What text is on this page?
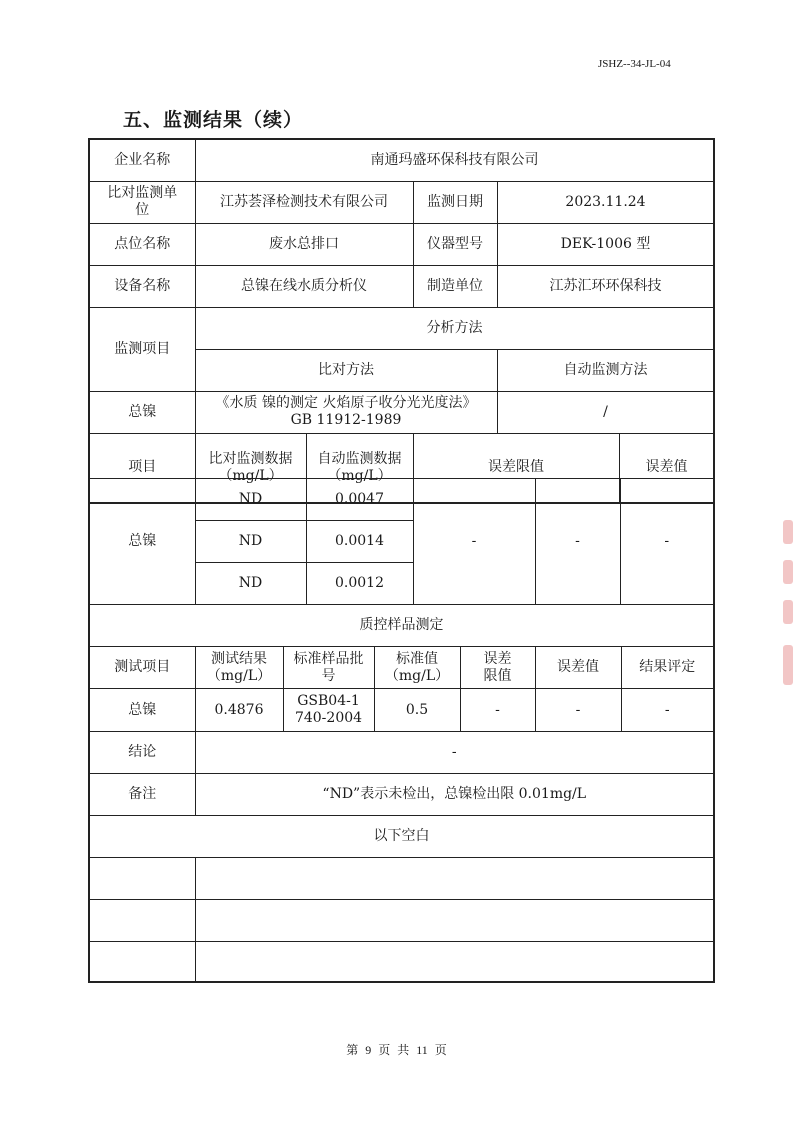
JSHZ--34-JL-04
五、监测结果（续）
企业名称	南通玛盛环保科技有限公司					
比对监测单位	江苏荟泽检测技术有限公司		监测日期	2023.11.24		
点位名称	废水总排口		仪器型号	DEK-1006 型		
设备名称	总镍在线水质分析仪		制造单位	江苏汇环环保科技		
监测项目	分析方法					
	比对方法			自动监测方法		
总镍	《水质 镍的测定 火焰原子收分光光度法》GB 11912-1989			/		
项目	比对监测数据（mg/L）	自动监测数据（mg/L）	误差限值		误差值	
总镍	ND	0.0047	-	-	-
	ND	0.0014			
	ND	0.0012			
质控样品测定					
测试项目	测试结果（mg/L）	标准样品批号	标准值（mg/L）	误差限值	误差值	结果评定
总镍	0.4876	GSB04-1740-2004	0.5	-	-	-
结论	-
备注	“ND”表示未检出，总镍检出限 0.01mg/L
以下空白	

第 9 页 共 11 页
